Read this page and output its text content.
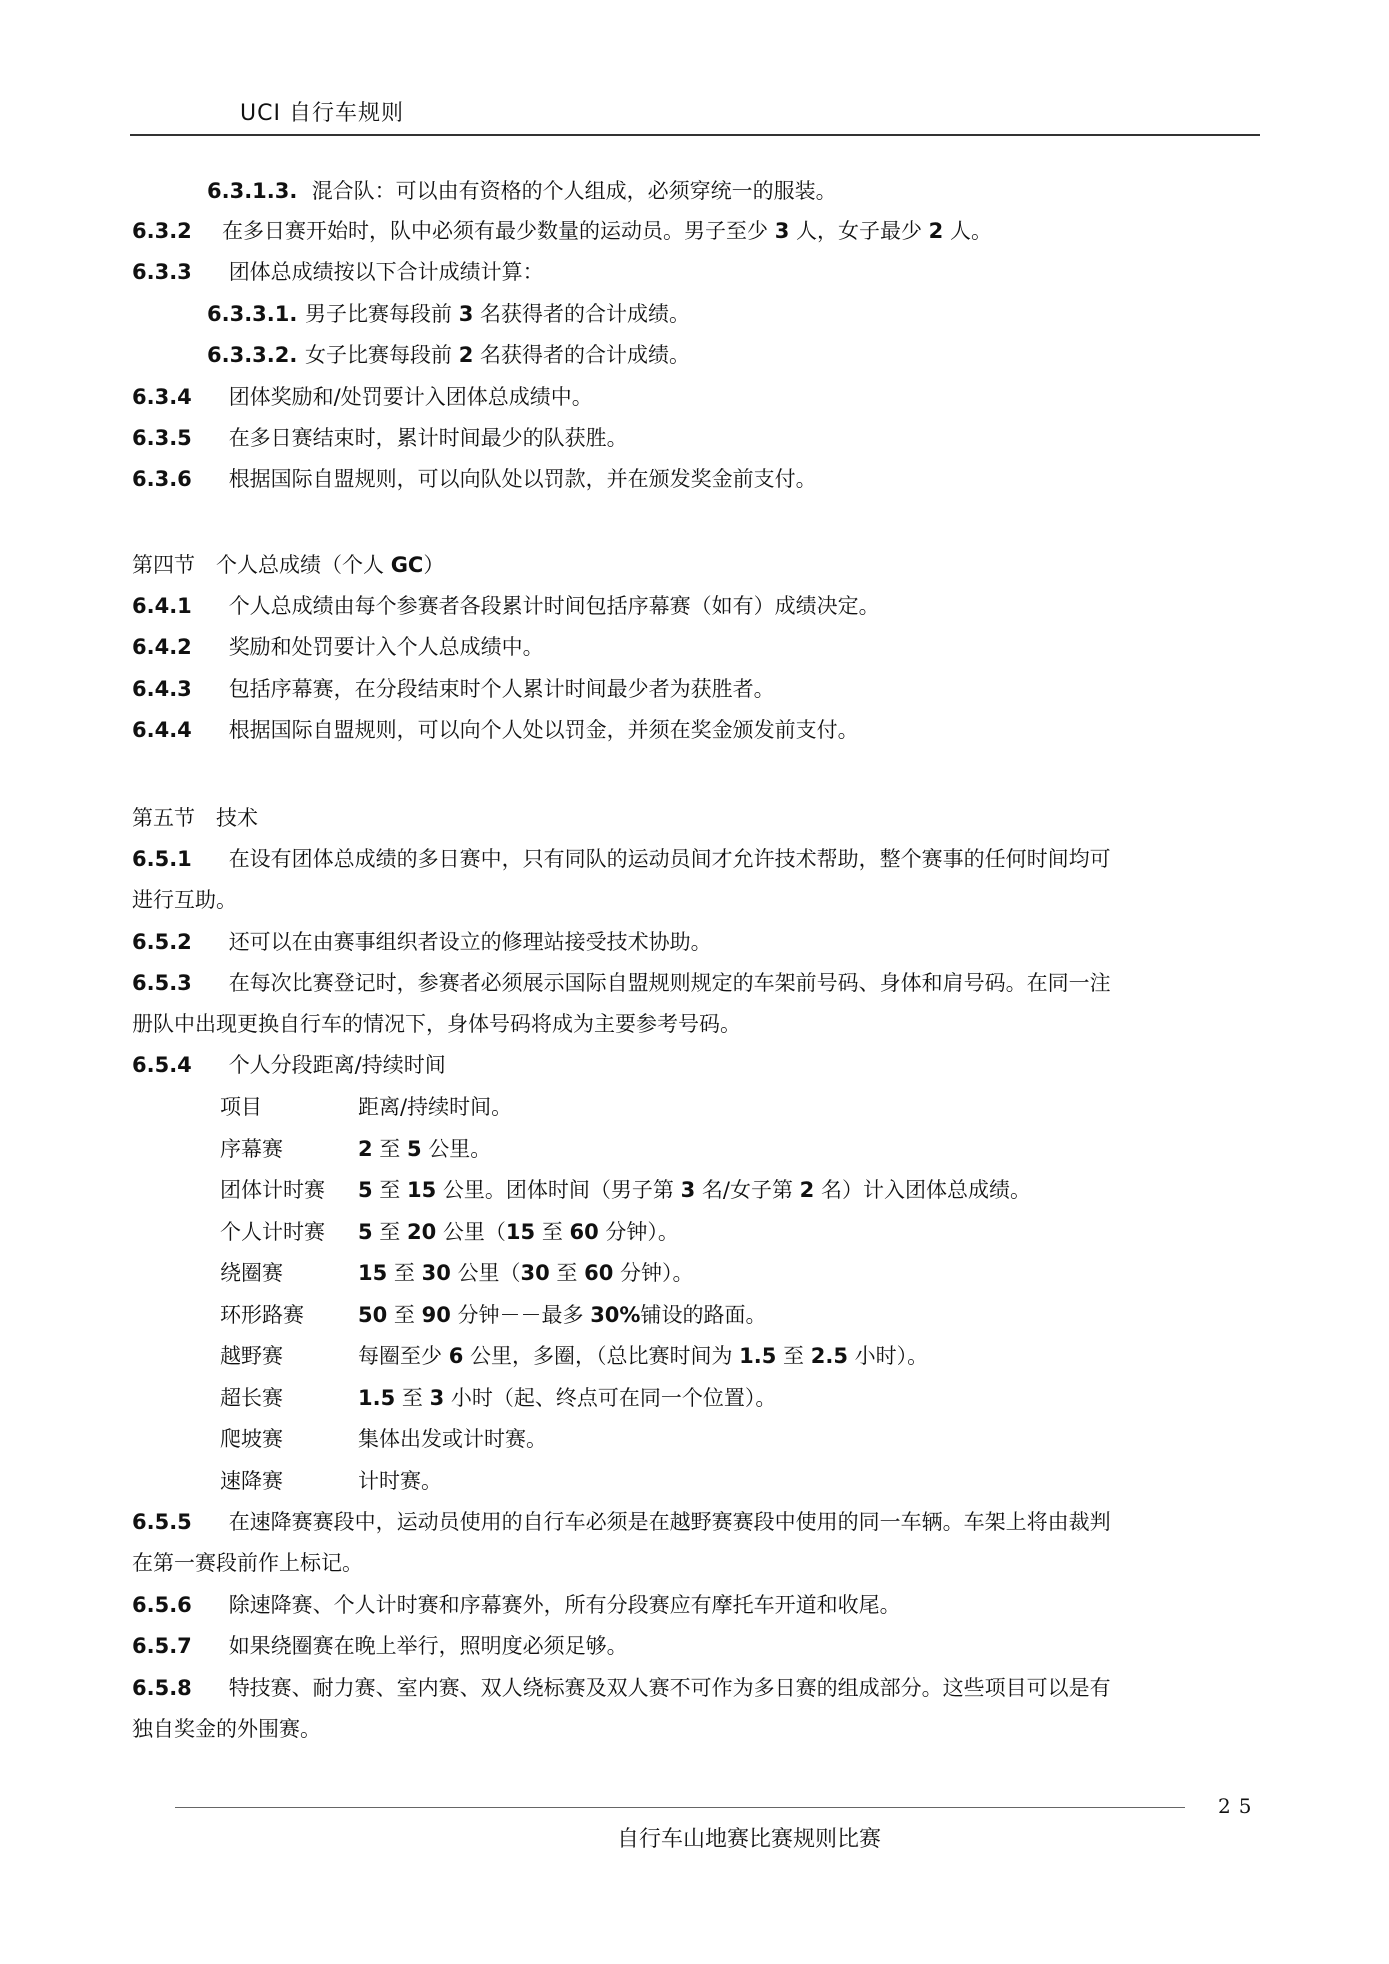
UCI 自行车规则
6.3.1.3. 混合队：可以由有资格的个人组成，必须穿统一的服装。
6.3.2 在多日赛开始时，队中必须有最少数量的运动员。男子至少 3 人，女子最少 2 人。
6.3.3 团体总成绩按以下合计成绩计算：
6.3.3.1. 男子比赛每段前 3 名获得者的合计成绩。
6.3.3.2. 女子比赛每段前 2 名获得者的合计成绩。
6.3.4 团体奖励和/处罚要计入团体总成绩中。
6.3.5 在多日赛结束时，累计时间最少的队获胜。
6.3.6 根据国际自盟规则，可以向队处以罚款，并在颁发奖金前支付。
第四节　个人总成绩（个人 GC）
6.4.1 个人总成绩由每个参赛者各段累计时间包括序幕赛（如有）成绩决定。
6.4.2 奖励和处罚要计入个人总成绩中。
6.4.3 包括序幕赛，在分段结束时个人累计时间最少者为获胜者。
6.4.4 根据国际自盟规则，可以向个人处以罚金，并须在奖金颁发前支付。
第五节　技术
6.5.1 在设有团体总成绩的多日赛中，只有同队的运动员间才允许技术帮助，整个赛事的任何时间均可
进行互助。
6.5.2 还可以在由赛事组织者设立的修理站接受技术协助。
6.5.3 在每次比赛登记时，参赛者必须展示国际自盟规则规定的车架前号码、身体和肩号码。在同一注
册队中出现更换自行车的情况下，身体号码将成为主要参考号码。
6.5.4 个人分段距离/持续时间
项目	距离/持续时间。
序幕赛	2 至 5 公里。
团体计时赛 5 至 15 公里。团体时间（男子第 3 名/女子第 2 名）计入团体总成绩。
个人计时赛 5 至 20 公里（15 至 60 分钟）。
绕圈赛	15 至 30 公里（30 至 60 分钟）。
环形路赛	50 至 90 分钟－－最多 30%铺设的路面。
越野赛	每圈至少 6 公里，多圈，（总比赛时间为 1.5 至 2.5 小时）。
超长赛	1.5 至 3 小时（起、终点可在同一个位置）。
爬坡赛	集体出发或计时赛。
速降赛	计时赛。
6.5.5 在速降赛赛段中，运动员使用的自行车必须是在越野赛赛段中使用的同一车辆。车架上将由裁判
在第一赛段前作上标记。
6.5.6 除速降赛、个人计时赛和序幕赛外，所有分段赛应有摩托车开道和收尾。
6.5.7 如果绕圈赛在晚上举行，照明度必须足够。
6.5.8 特技赛、耐力赛、室内赛、双人绕标赛及双人赛不可作为多日赛的组成部分。这些项目可以是有
独自奖金的外围赛。
25
自行车山地赛比赛规则比赛
